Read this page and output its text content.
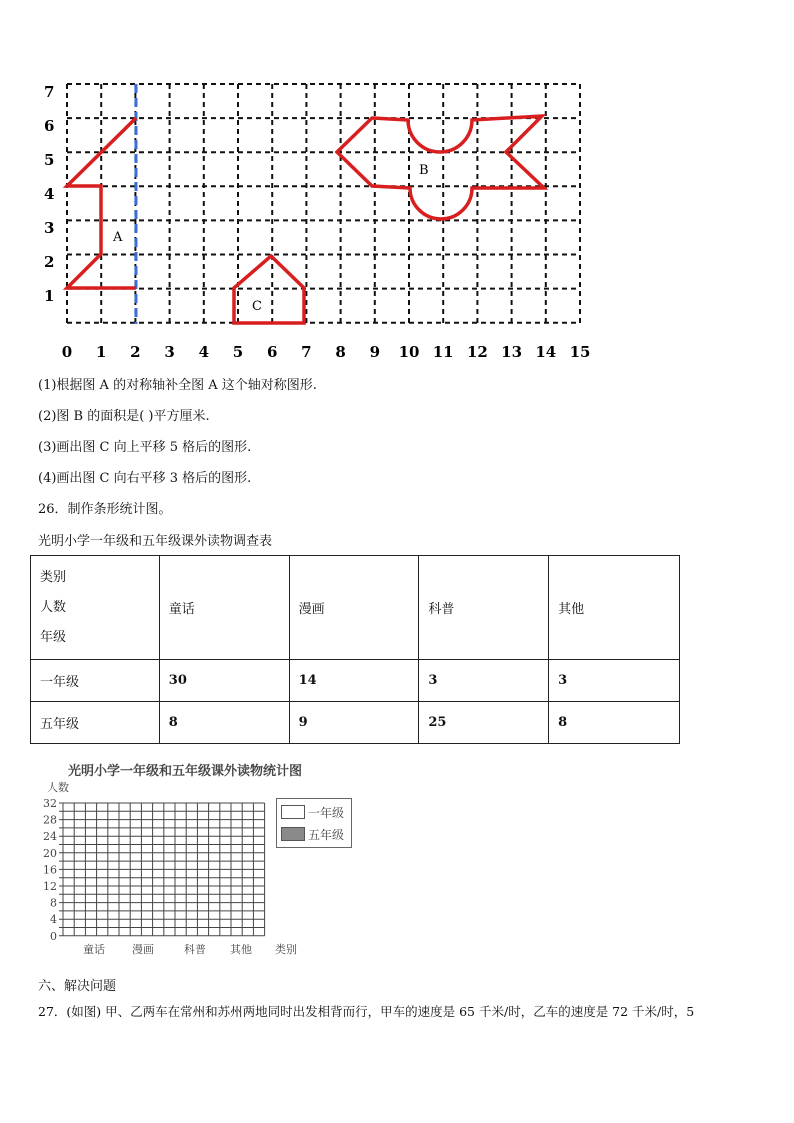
7
6
5
4
3
2
1
0 1 2 3 4 5 6 7 8 9 10 11 12 13 14 15
A
B
C
(1)根据图 A 的对称轴补全图 A 这个轴对称图形.
(2)图 B 的面积是( )平方厘米.
(3)画出图 C 向上平移 5 格后的图形.
(4)画出图 C 向右平移 3 格后的图形.
26．制作条形统计图。
光明小学一年级和五年级课外读物调查表
类别
人数
年级	童话	漫画	科普	其他
一年级	30	14	3	3
五年级	8	9	25	8
光明小学一年级和五年级课外读物统计图
人数
32
28
24
20
16
12
8
4
0
童话 漫画	科普 其他 类别
一年级
五年级
六、解决问题
27．(如图) 甲、乙两车在常州和苏州两地同时出发相背而行，甲车的速度是 65 千米/时，乙车的速度是 72 千米/时，5
